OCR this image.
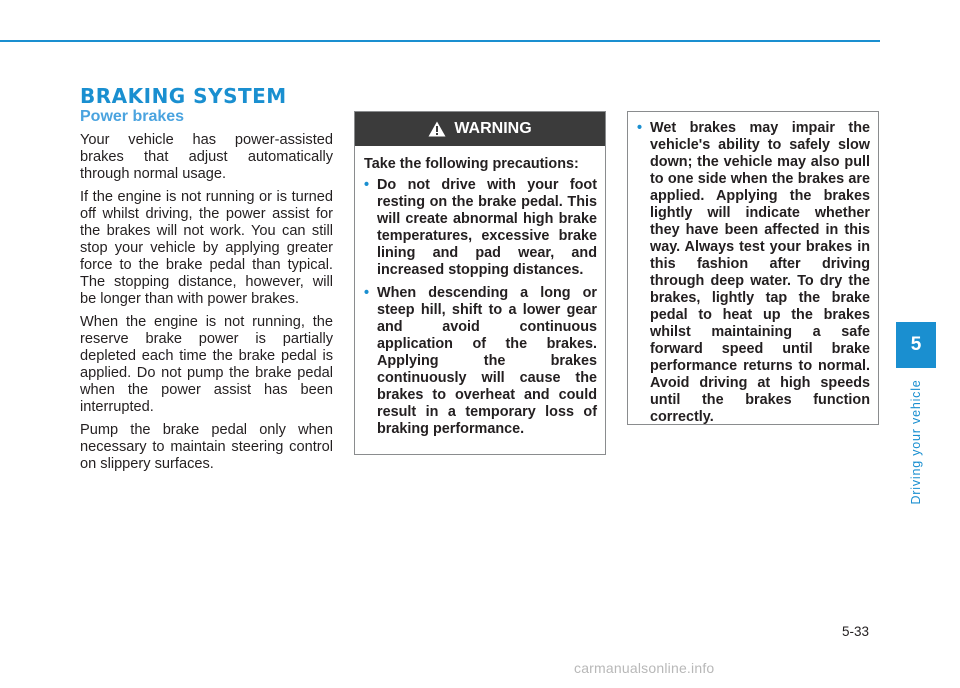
BRAKING SYSTEM
Power brakes

Your vehicle has power-assisted brakes that adjust automatically through normal usage.

If the engine is not running or is turned off whilst driving, the power assist for the brakes will not work. You can still stop your vehicle by applying greater force to the brake pedal than typical. The stopping distance, however, will be longer than with power brakes.

When the engine is not running, the reserve brake power is partially depleted each time the brake pedal is applied. Do not pump the brake pedal when the power assist has been interrupted.

Pump the brake pedal only when necessary to maintain steering control on slippery surfaces.

WARNING

Take the following precautions:

• Do not drive with your foot resting on the brake pedal. This will create abnormal high brake temperatures, excessive brake lining and pad wear, and increased stopping distances.
• When descending a long or steep hill, shift to a lower gear and avoid continuous application of the brakes. Applying the brakes continuously will cause the brakes to overheat and could result in a temporary loss of braking performance.
• Wet brakes may impair the vehicle's ability to safely slow down; the vehicle may also pull to one side when the brakes are applied. Applying the brakes lightly will indicate whether they have been affected in this way. Always test your brakes in this fashion after driving through deep water. To dry the brakes, lightly tap the brake pedal to heat up the brakes whilst maintaining a safe forward speed until brake performance returns to normal. Avoid driving at high speeds until the brakes function correctly.
5
Driving your vehicle
5-33
carmanualsonline.info
